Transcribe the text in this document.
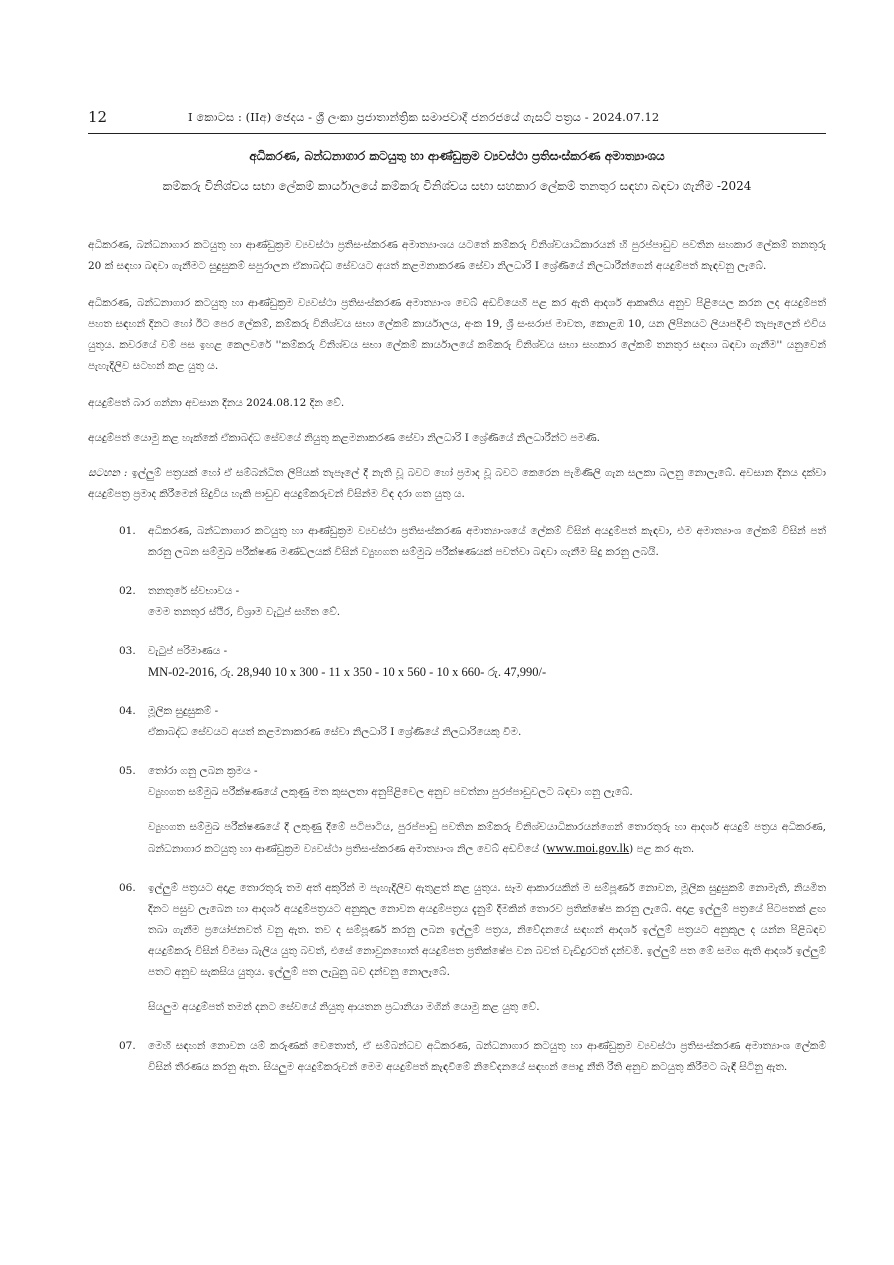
12	I කොටස : (IIඅ) ඡෙදය - ශ්‍රී ලංකා ප්‍රජාතාන්ත්‍රික සමාජවාදී ජනරජයේ ගැසට් පත්‍රය - 2024.07.12
අධිකරණ, බන්ධනාගාර කටයුතු හා ආණ්ඩුක්‍රම ව්‍යවස්ථා ප්‍රතිසංස්කරණ අමාත්‍යාංශය
කම්කරු විනිශ්චය සභා ලේකම් කාර්යාලයේ කම්කරු විනිශ්චය සභා සහකාර ලේකම් තනතුර සඳහා බඳවා ගැනීම -2024

අධිකරණ, බන්ධනාගාර කටයුතු හා ආණ්ඩුක්‍රම ව්‍යවස්ථා ප්‍රතිසංස්කරණ අමාත්‍යාංශය යටතේ කම්කරු විනිශ්චයාධිකාරයන් හි පුරප්පාඩුව පවතින සහකාර ලේකම් තනතුරු 20 ක් සඳහා බඳවා ගැනීමට සුදුසුකම් සපුරාලන ඒකාබද්ධ සේවයට අයත් කළමනාකරණ සේවා නිලධාරි I ශ්‍රේණියේ නිලධාරීන්ගෙන් අයදුම්පත් කැඳවනු ලැබේ.

අධිකරණ, බන්ධනාගාර කටයුතු හා ආණ්ඩුක්‍රම ව්‍යවස්ථා ප්‍රතිසංස්කරණ අමාත්‍යාංශ වෙබ් අඩවියෙහි පළ කර ඇති ආදර්ශ ආකෘතිය අනුව පිළියෙල කරන ලද අයදුම්පත් පහත සඳහන් දිනට හෝ ඊට පෙර ලේකම්, කම්කරු විනිශ්චය සභා ලේකම් කාර්යාලය, අංක 19, ශ්‍රී සංඝරාජ මාවත, කොළඹ 10, යන ලිපිනයට ලියාපදිංචි තැපෑලෙන් එවිය යුතුය. කවරයේ වම් පස ඉහළ කෙලවරේ ''කම්කරු විනිශ්චය සභා ලේකම් කාර්යාලයේ කම්කරු විනිශ්චය සභා සහකාර ලේකම් තනතුර සඳහා බඳවා ගැනීම'' යනුවෙන් පැහැදිලිව සටහන් කළ යුතු ය.

අයදුම්පත් බාර ගන්නා අවසාන දිනය 2024.08.12 දින වේ.

අයදුම්පත් යොමු කළ හැක්කේ ඒකාබද්ධ සේවයේ නියුතු කළමනාකරණ සේවා නිලධාරි I ශ්‍රේණියේ නිලධාරීන්ට පමණි.

සටහන : ඉල්ලුම් පත්‍රයක් හෝ ඒ සම්බන්ධිත ලිපියක් තැපෑලේ දී නැති වූ බවට හෝ ප්‍රමාද වූ බවට කෙරෙන පැමිණිලි ගැන සලකා බලනු නොලැබේ. අවසාන දිනය දක්වා අයදුම්පත්‍ර ප්‍රමාද කිරීමෙන් සිදුවිය හැකි පාඩුව අයදුම්කරුවන් විසින්ම විඳ දරා ගත යුතු ය.

01.	අධිකරණ, බන්ධනාගාර කටයුතු හා ආණ්ඩුක්‍රම ව්‍යවස්ථා ප්‍රතිසංස්කරණ අමාත්‍යාංශයේ ලේකම් විසින් අයදුම්පත් කැඳවා, එම අමාත්‍යාංශ ලේකම් විසින් පත් කරනු ලබන සම්මුඛ පරීක්ෂණ මණ්ඩලයක් විසින් ව්‍යුහගත සම්මුඛ පරීක්ෂණයක් පවත්වා බඳවා ගැනීම සිදු කරනු ලබයි.
02.	තනතුරේ ස්වභාවය -
මෙම තනතුර ස්ථිර, විශ්‍රාම වැටුප් සහිත වේ.
03.	වැටුප් පරිමාණය -
MN-02-2016, රු. 28,940 10 x 300 - 11 x 350 - 10 x 560 - 10 x 660- රු. 47,990/-
04.	මූලික සුදුසුකම් -
ඒකාබද්ධ සේවයට අයත් කළමනාකරණ සේවා නිලධාරි I ශ්‍රේණියේ නිලධාරියෙකු වීම.
05.	තෝරා ගනු ලබන ක්‍රමය -
ව්‍යුහගත සම්මුඛ පරීක්ෂණයේ ලකුණු මත කුසලතා අනුපිළිවෙල අනුව පවත්නා පුරප්පාඩුවලට බඳවා ගනු ලැබේ.
ව්‍යුහගත සම්මුඛ පරීක්ෂණයේ දී ලකුණු දීමේ පටිපාටිය, පුරප්පාඩු පවතින කම්කරු විනිශ්චයාධිකාරයන්ගෙන් තොරතුරු හා ආදර්ශ අයදුම් පත්‍රය අධිකරණ, බන්ධනාගාර කටයුතු හා ආණ්ඩුක්‍රම ව්‍යවස්ථා ප්‍රතිසංස්කරණ අමාත්‍යාංශ නිල වෙබ් අඩවියේ (www.moi.gov.lk) පළ කර ඇත.
06.	ඉල්ලුම් පත්‍රයට අදාළ තොරතුරු තම අත් අකුරින් ම පැහැදිලිව ඇතුළත් කළ යුතුය. සෑම ආකාරයකින් ම සම්පූර්ණ නොවන, මූලික සුදුසුකම් නොමැති, නියමිත දිනට පසුව ලැබෙන හා ආදර්ශ අයදුම්පත්‍රයට අනුකූල නොවන අයදුම්පත්‍රය දැනුම් දීමකින් තොරව ප්‍රතික්ෂේප කරනු ලැබේ. අදාළ ඉල්ලුම් පත්‍රයේ පිටපතක් ළඟ තබා ගැනීම ප්‍රයෝජනවත් වනු ඇත. තව ද සම්පූර්ණ කරනු ලබන ඉල්ලුම් පත්‍රය, නිවේදනයේ සඳහන් ආදර්ශ ඉල්ලුම් පත්‍රයට අනුකූල ද යන්න පිළිබඳව අයදුම්කරු විසින් විමසා බැලිය යුතු බවත්, එසේ නොවුනහොත් අයදුම්පත ප්‍රතික්ෂේප වන බවත් වැඩිදුරටත් දන්වමි. ඉල්ලුම් පත මේ සමග ඇති ආදර්ශ ඉල්ලුම් පතට අනුව සැකසිය යුතුය. ඉල්ලුම් පත ලැබුනු බව දන්වනු නොලැබේ.
සියලුම අයදුම්පත් තමන් දනට සේවයේ නියුතු ආයතන ප්‍රධානියා මගින් යොමු කළ යුතු වේ.
07.	මෙහි සඳහන් නොවන යම් කරුණක් වෙතොත්, ඒ සම්බන්ධව අධිකරණ, බන්ධනාගාර කටයුතු හා ආණ්ඩුක්‍රම ව්‍යවස්ථා ප්‍රතිසංස්කරණ අමාත්‍යාංශ ලේකම් විසින් තීරණය කරනු ඇත. සියලුම අයදුම්කරුවන් මෙම අයදුම්පත් කැඳවීමේ නිවේදනයේ සඳහන් පොදු නීති රීති අනුව කටයුතු කිරීමට බැඳී සිටිනු ඇත.
